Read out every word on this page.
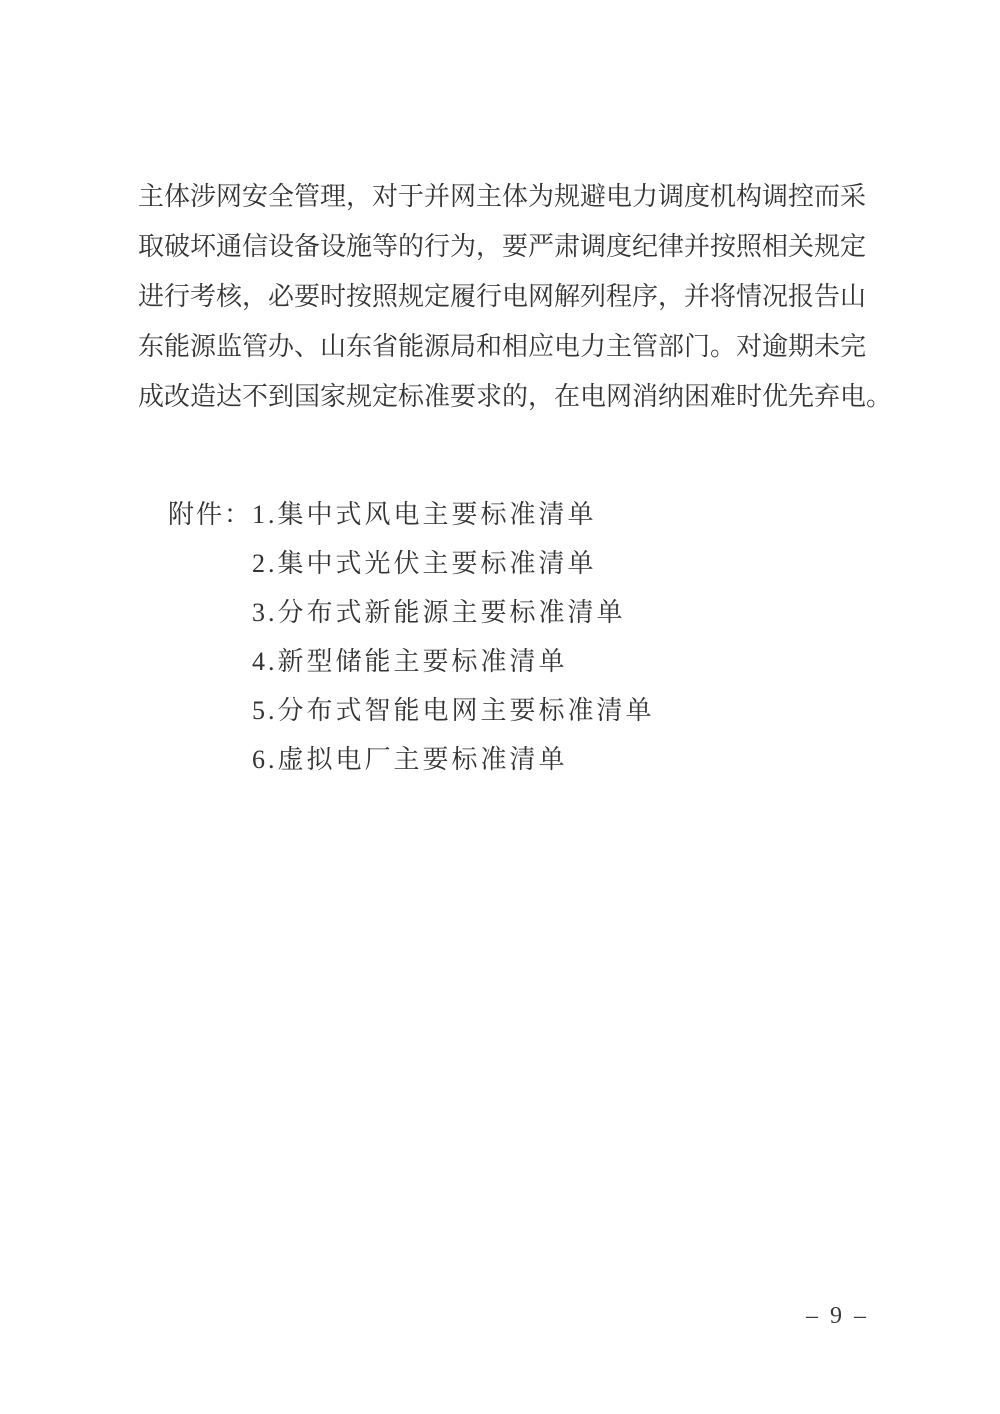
主体涉网安全管理，对于并网主体为规避电力调度机构调控而采
取破坏通信设备设施等的行为，要严肃调度纪律并按照相关规定
进行考核，必要时按照规定履行电网解列程序，并将情况报告山
东能源监管办、山东省能源局和相应电力主管部门。对逾期未完
成改造达不到国家规定标准要求的，在电网消纳困难时优先弃电。
附件： 1.集中式风电主要标准清单
2.集中式光伏主要标准清单
3.分布式新能源主要标准清单
4.新型储能主要标准清单
5.分布式智能电网主要标准清单
6.虚拟电厂主要标准清单
– 9 –
